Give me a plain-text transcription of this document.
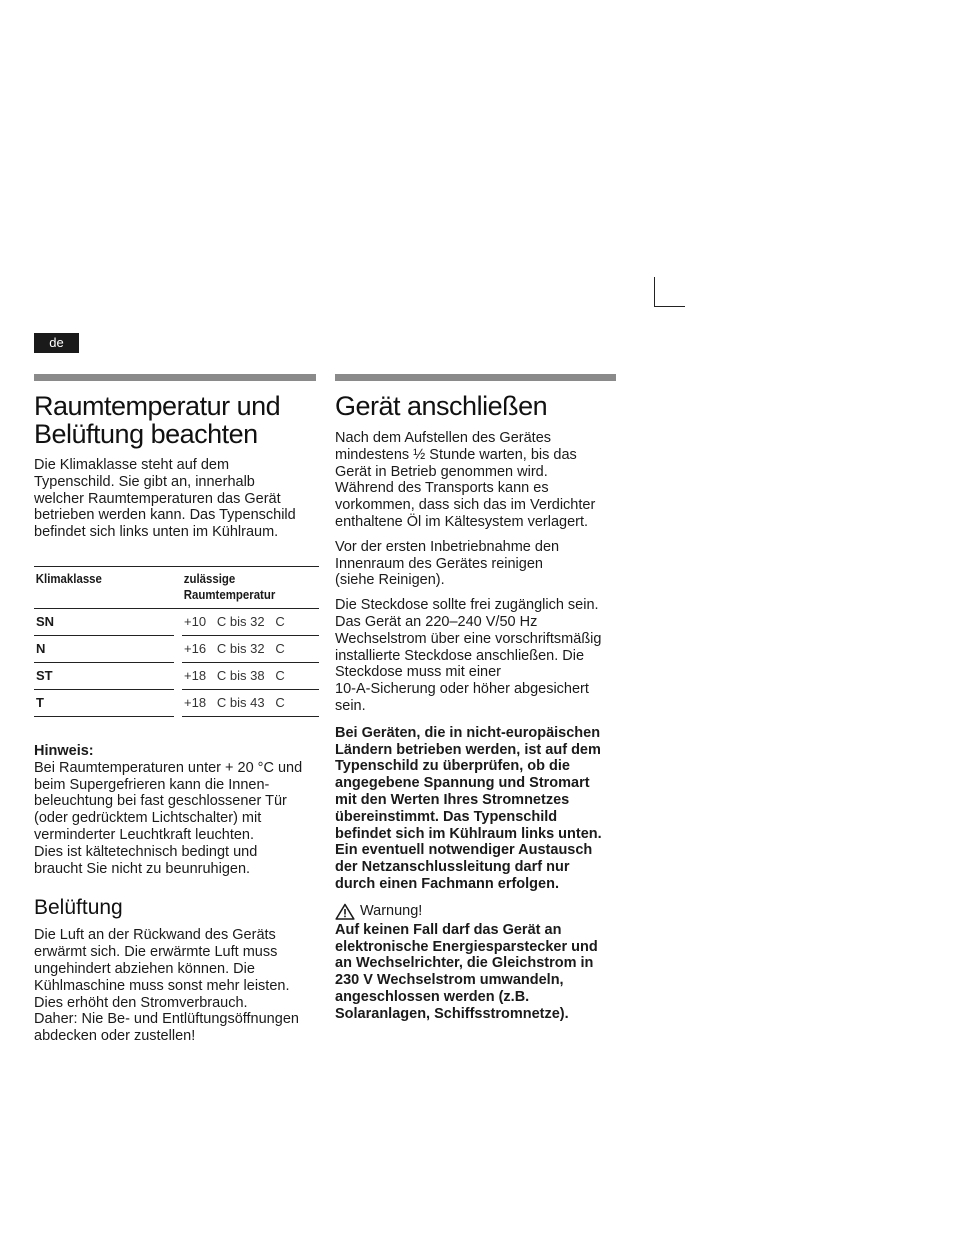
de
Raumtemperatur und
Belüftung beachten

Die Klimaklasse steht auf dem
Typenschild. Sie gibt an, innerhalb
welcher Raumtemperaturen das Gerät
betrieben werden kann. Das Typenschild
befindet sich links unten im Kühlraum.

Klimaklasse		zulässige
Raumtemperatur
SN		+10   C bis 32   C
N		+16   C bis 32   C
ST		+18   C bis 38   C
T		+18   C bis 43   C
Hinweis:

Bei Raumtemperaturen unter + 20 °C und
beim Supergefrieren kann die Innen-
beleuchtung bei fast geschlossener Tür
(oder gedrücktem Lichtschalter) mit
verminderter Leuchtkraft leuchten.
Dies ist kältetechnisch bedingt und
braucht Sie nicht zu beunruhigen.

Belüftung

Die Luft an der Rückwand des Geräts
erwärmt sich. Die erwärmte Luft muss
ungehindert abziehen können. Die
Kühlmaschine muss sonst mehr leisten.
Dies erhöht den Stromverbrauch.
Daher: Nie Be- und Entlüftungsöffnungen
abdecken oder zustellen!

Gerät anschließen

Nach dem Aufstellen des Gerätes
mindestens ½ Stunde warten, bis das
Gerät in Betrieb genommen wird.
Während des Transports kann es
vorkommen, dass sich das im Verdichter
enthaltene Öl im Kältesystem verlagert.

Vor der ersten Inbetriebnahme den
Innenraum des Gerätes reinigen
(siehe Reinigen).

Die Steckdose sollte frei zugänglich sein.
Das Gerät an 220–240 V/50 Hz
Wechselstrom über eine vorschriftsmäßig
installierte Steckdose anschließen. Die
Steckdose muss mit einer
10-A-Sicherung oder höher abgesichert
sein.

Bei Geräten, die in nicht-europäischen
Ländern betrieben werden, ist auf dem
Typenschild zu überprüfen, ob die
angegebene Spannung und Stromart
mit den Werten Ihres Stromnetzes
übereinstimmt. Das Typenschild
befindet sich im Kühlraum links unten.
Ein eventuell notwendiger Austausch
der Netzanschlussleitung darf nur
durch einen Fachmann erfolgen.

Warnung!

Auf keinen Fall darf das Gerät an
elektronische Energiesparstecker und
an Wechselrichter, die Gleichstrom in
230 V Wechselstrom umwandeln,
angeschlossen werden (z.B.
Solaranlagen, Schiffsstromnetze).
